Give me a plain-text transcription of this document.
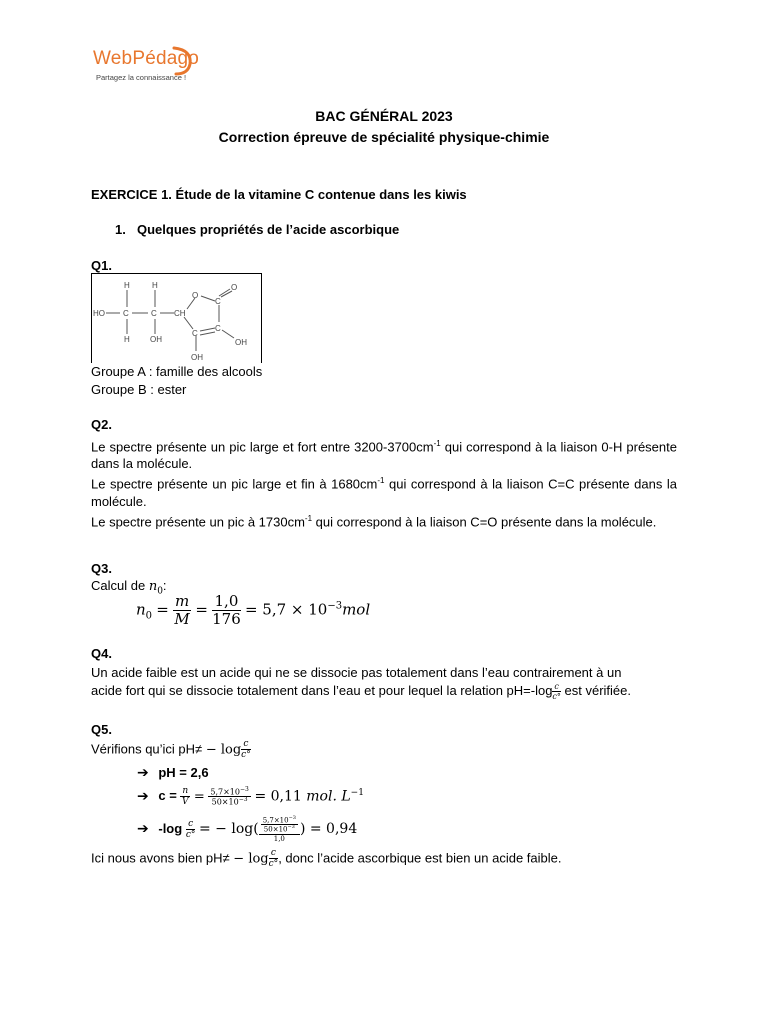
WebPédago
Partagez la connaissance !
BAC GÉNÉRAL 2023
Correction épreuve de spécialité physique-chimie
EXERCICE 1. Étude de la vitamine C contenue dans les kiwis
1. Quelques propriétés de l’acide ascorbique
Q1.
H	H
HO C	C CH
H	OH
O
O
C
C
C
OH
OH
Groupe A : famille des alcools
Groupe B : ester
Q2.
Le spectre présente un pic large et fort entre $3200-3700cm^{-1}$ qui correspond à la liaison 0-H présente dans la molécule.
Le spectre présente un pic large et fin à $1680cm^{-1}$ qui correspond à la liaison C=C présente dans la molécule.
Le spectre présente un pic à $1730cm^{-1}$ qui correspond à la liaison C=O présente dans la molécule.
Q3.
Calcul de $n_0$:
$n_0 = \frac{m}{M} = \frac{1,0}{176} = 5,7 \times 10^{-3}mol$
Q4.
Un acide faible est un acide qui ne se dissocie pas totalement dans l’eau contrairement à un
acide fort qui se dissocie totalement dans l’eau et pour lequel la relation $pH=-\log \frac{c}{c^\circ}$ est vérifiée.
Q5.
Vérifions qu’ici $pH\ne - \log \frac{c}{c^\circ}$
➔ pH = 2,6
➔ $c = \frac{n}{V} = \frac{5,7\times 10^{-3}}{50\times 10^{-3}} = 0,11$ mol. $L^{-1}$
➔ $-\log \frac{c}{c^\circ}$ = − $\log( \frac{\frac{5,7\times 10^{-3}}{50\times 10^{-3}}}{1,0}$ ) = 0,94
Ici nous avons bien $pH\ne - \log \frac{c}{c^\circ}$ , donc l’acide ascorbique est bien un acide faible.
